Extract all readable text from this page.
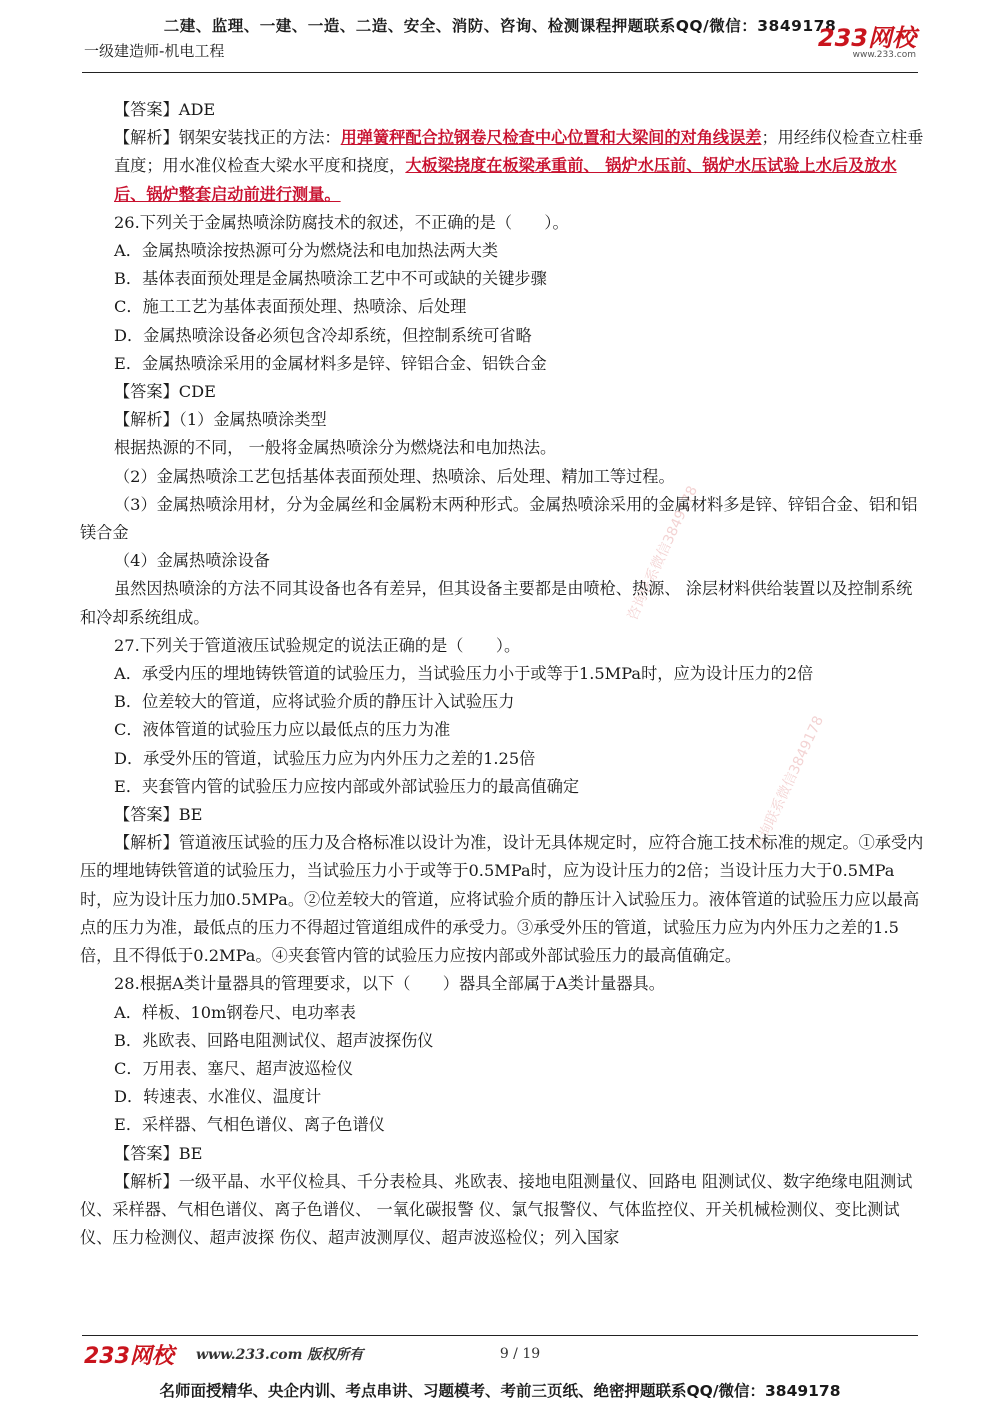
二建、监理、一建、一造、二造、安全、消防、咨询、检测课程押题联系QQ/微信：3849178
一级建造师-机电工程	233网校
www.233.com
咨询联系微信3849178
咨询联系微信3849178

【答案】ADE

【解析】钢架安装找正的方法：用弹簧秤配合拉钢卷尺检查中心位置和大梁间的对角线误差；用经纬仪检查立柱垂直度；用水准仪检查大梁水平度和挠度，大板梁挠度在板梁承重前、 锅炉水压前、锅炉水压试验上水后及放水后、锅炉整套启动前进行测量。

26.下列关于金属热喷涂防腐技术的叙述，不正确的是（　　）。

A．金属热喷涂按热源可分为燃烧法和电加热法两大类

B．基体表面预处理是金属热喷涂工艺中不可或缺的关键步骤

C．施工工艺为基体表面预处理、热喷涂、后处理

D．金属热喷涂设备必须包含冷却系统，但控制系统可省略

E．金属热喷涂采用的金属材料多是锌、锌铝合金、铝铁合金

【答案】CDE

【解析】（1）金属热喷涂类型

根据热源的不同， 一般将金属热喷涂分为燃烧法和电加热法。

（2）金属热喷涂工艺包括基体表面预处理、热喷涂、后处理、精加工等过程。

（3）金属热喷涂用材，分为金属丝和金属粉末两种形式。金属热喷涂采用的金属材料多是锌、锌铝合金、铝和铝镁合金

（4）金属热喷涂设备

虽然因热喷涂的方法不同其设备也各有差异，但其设备主要都是由喷枪、热源、 涂层材料供给装置以及控制系统和冷却系统组成。

27.下列关于管道液压试验规定的说法正确的是（　　）。

A．承受内压的埋地铸铁管道的试验压力，当试验压力小于或等于1.5MPa时，应为设计压力的2倍

B．位差较大的管道，应将试验介质的静压计入试验压力

C．液体管道的试验压力应以最低点的压力为准

D．承受外压的管道，试验压力应为内外压力之差的1.25倍

E．夹套管内管的试验压力应按内部或外部试验压力的最高值确定

【答案】BE

【解析】管道液压试验的压力及合格标准以设计为准，设计无具体规定时，应符合施工技术标准的规定。①承受内压的埋地铸铁管道的试验压力，当试验压力小于或等于0.5MPa时，应为设计压力的2倍；当设计压力大于0.5MPa时，应为设计压力加0.5MPa。②位差较大的管道，应将试验介质的静压计入试验压力。液体管道的试验压力应以最高点的压力为准，最低点的压力不得超过管道组成件的承受力。③承受外压的管道，试验压力应为内外压力之差的1.5倍，且不得低于0.2MPa。④夹套管内管的试验压力应按内部或外部试验压力的最高值确定。

28.根据A类计量器具的管理要求，以下（　　）器具全部属于A类计量器具。

A．样板、10m钢卷尺、电功率表

B．兆欧表、回路电阻测试仪、超声波探伤仪

C．万用表、塞尺、超声波巡检仪

D．转速表、水准仪、温度计

E．采样器、气相色谱仪、离子色谱仪

【答案】BE

【解析】一级平晶、水平仪检具、千分表检具、兆欧表、接地电阻测量仪、回路电 阻测试仪、数字绝缘电阻测试仪、采样器、气相色谱仪、离子色谱仪、 一氧化碳报警 仪、氯气报警仪、气体监控仪、开关机械检测仪、变比测试仪、压力检测仪、超声波探 伤仪、超声波测厚仪、超声波巡检仪；列入国家

233网校 www.233.com 版权所有	9 / 19
名师面授精华、央企内训、考点串讲、习题模考、考前三页纸、绝密押题联系QQ/微信：3849178
